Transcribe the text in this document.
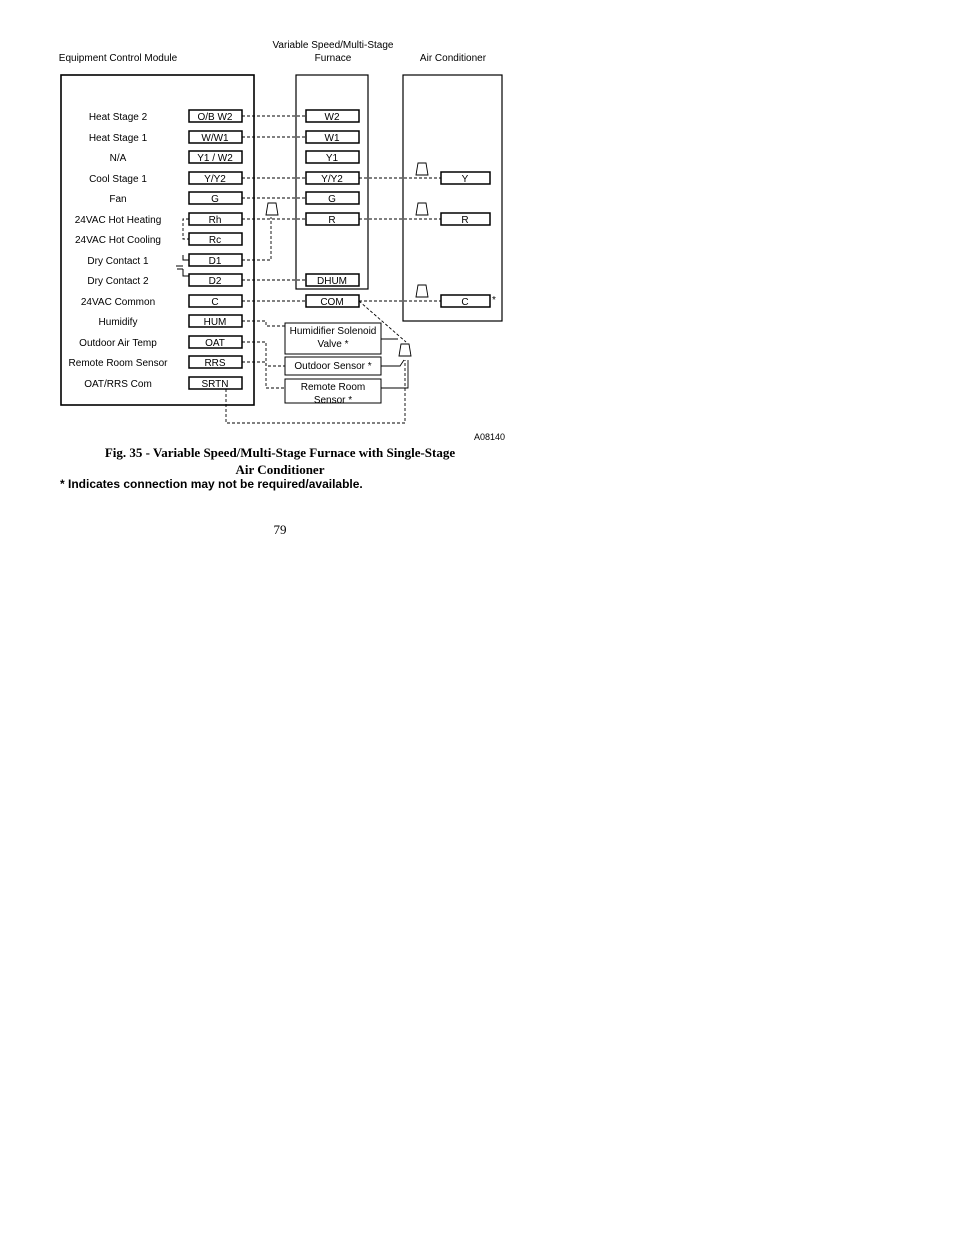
Equipment Control Module
Variable Speed/Multi-Stage
Furnace	Air Conditioner
Heat Stage 2	O/B W2
Heat Stage 1	W/W1
N/A	Y1 / W2
Cool Stage 1	Y/Y2
Fan	G
24VAC Hot Heating	Rh
24VAC Hot Cooling	Rc
Dry Contact 1	D1
Dry Contact 2	D2
24VAC Common	C
Humidify	HUM
Outdoor Air Temp	OAT
Remote Room Sensor	RRS
OAT/RRS Com	SRTN
W2
W1
Y1
Y/Y2
G
R
DHUM
COM
Y
R
C *
Humidifier Solenoid
Valve *
Outdoor Sensor *
Remote Room
Sensor *
A08140
Fig. 35 - Variable Speed/Multi-Stage Furnace with Single-Stage
Air Conditioner
* Indicates connection may not be required/available.
79
